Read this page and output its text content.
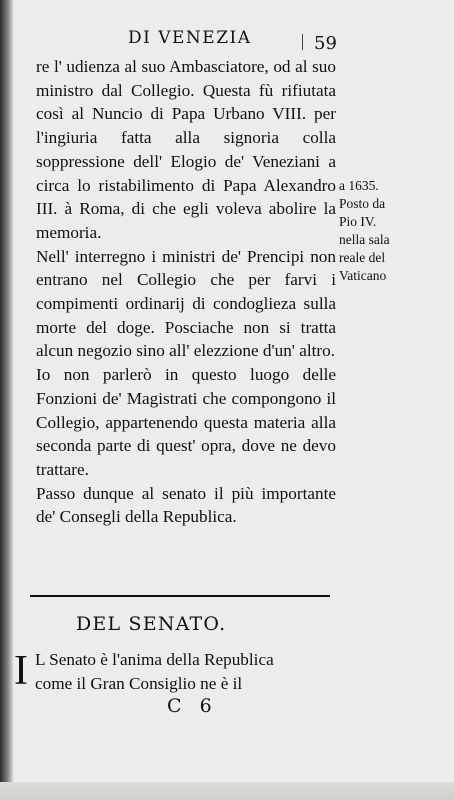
DI VENEZIA	59

re l' udienza al suo Ambasciatore, od al suo ministro dal Collegio. Questa fù rifiutata così al Nuncio di Papa Urbano VIII. per l'ingiuria fatta alla signoria colla soppressione dell' Elogio de' Veneziani a circa lo ristabilimento di Papa Alexandro III. à Roma, di che egli voleva abolire la memoria.

Nell' interregno i ministri de' Prencipi non entrano nel Collegio che per farvi i compimenti ordinarij di condoglieza sulla morte del doge. Posciache non si tratta alcun negozio sino all' elezzione d'un' altro.

Io non parlerò in questo luogo delle Fonzioni de' Magistrati che compongono il Collegio, appartenendo questa materia alla seconda parte di quest' opra, dove ne devo trattare.

Passo dunque al senato il più importante de' Consegli della Republica.

a 1635.
Posto da
Pio IV.
nella sala
reale del
Vaticano
DEL SENATO.
I L Senato è l'anima della Republica
come il Gran Consiglio ne è il
C 6
